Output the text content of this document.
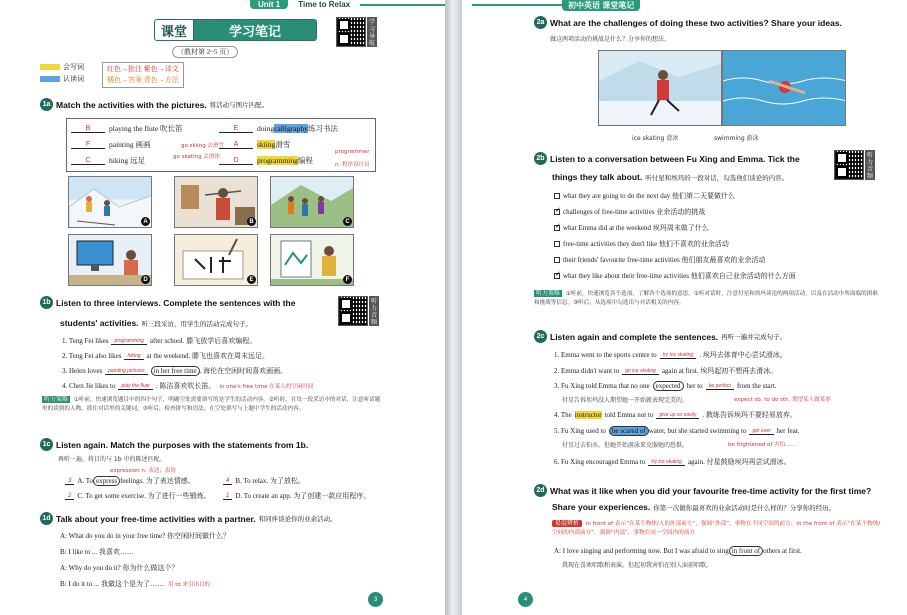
Unit 1	Time to Relax
课堂	学习笔记
（教材第 2~5 页）
学习导航
会写词
认读词
红色→批注 紫色→译文
橘色→答案 青色→方法
1a Match the activities with the pictures. 将活动与图片匹配。
B	playing the flute 吹长笛
F	painting 画画
C	hiking 远足
go skiing 去滑雪
go skating 去滑冰
E	doing calligraphy 练习书法
A	skiing 滑雪
D	programming 编程
programmer
n. 程序设计员
A	B	C
D	E	F
1b Listen to three interviews. Complete the sentences with the
students' activities. 听三段采访，用学生的活动完成句子。
听力音频
1. Teng Fei likes	programming after school. 滕飞放学后喜欢编程。
2. Teng Fei also likes	hiking at the weekend. 滕飞也喜欢在周末远足。
3. Helen loves	painting pictures	in her free time . 海伦在空闲时间喜欢画画。
4. Chen Jie likes to	play the flute . 陈洁喜欢吹长笛。 in one's free time 在某人的空闲时间
听力策略 ①听前，快速浏览题目中的四个句子，明确空处需要填写的是学生的活动内容。②听时，在每一段采访中的对话，注意听话题里的谈到的人物，抓住对话里的关键词，③听后，检查拼写和语法，在空处填写与上题中学生的活动内容。
1c Listen again. Match the purposes with the statements from 1b.
再听一遍，将目的与 1b 中的陈述匹配。
expression n. 表达；表情
3 A. To express feelings. 为了表达情感。	4 B. To relax. 为了放松。
2 C. To get some exercise. 为了进行一些锻炼。	1 D. To create an app. 为了创建一款应用程序。
1d Talk about your free-time activities with a partner. 和同伴谈论你的业余活动。
A: What do you do in your free time? 你空闲时间做什么？
B: I like to ... 我喜欢……
A: Why do you do it? 你为什么做这个？
B: I do it to ... 我做这个是为了…… 用 to 来引出目的
3
初中英语 课堂笔记
2a What are the challenges of doing these two activities? Share your ideas.
做这两项活动的挑战是什么？分享你的想法。
ice skating 滑冰	swimming 游泳
2b Listen to a conversation between Fu Xing and Emma. Tick the
things they talk about. 听付星和埃玛的一段对话，勾选他们谈论的内容。
听力音频
what they are going to do the next day 他们第二天要做什么
✓
challenges of free-time activities 业余活动的挑战
✓
what Emma did at the weekend 埃玛周末做了什么
free-time activities they don't like 他们不喜欢的业余活动
their friends' favourite free-time activities 他们朋友最喜欢的业余活动
✓
what they like about their free-time activities 他们喜欢自己业余活动的什么方面
听力策略 ①听前，快速浏览各个选项，了解各个选项的意思。②听对话时，注意付星和埃玛谈论的两项活动，以及在活动中所面临的困难和挑战等信息。③听后，从选项中勾选出与对话相关的内容。
2c Listen again and complete the sentences. 再听一遍并完成句子。
1. Emma went to the sports centre to	try ice skating . 埃玛去体育中心尝试滑冰。
2. Emma didn't want to	go ice skating again at first. 埃玛起初不想再去滑冰。
3. Fu Xing told Emma that no one expected her to	be perfect from the start.
付星告诉埃玛没人期望她一开始就表现完美的。	expect sb. to do sth. 期望某人做某事
4. The instructor told Emma not to	give up so easily . 教练告诉埃玛不要轻易放弃。
5. Fu Xing used to be scared of water, but she started swimming to	get over her fear.
付星过去怕水，但她开始游泳来克服她的恐惧。	be frightened of 害怕……
6. Fu Xing encouraged Emma to	try ice skating again. 付星鼓励埃玛再尝试滑冰。
2d What was it like when you did your favourite free-time activity for the first time?
Share your experiences. 你第一次做你最喜欢的业余活动时是什么样的？分享你的经历。
易混辨析 in front of 表示“在某个物体/人的外部前方”，强调“外部”，事物在不同空间的前方；in the front of 表示“在某个物体/空间的内部前方”，强调“内部”，事物在同一空间内的前方
A: I love singing and performing now. But I was afraid to sing in front of others at first.
我现在喜欢唱歌和表演。但起初我害怕在别人面前唱歌。
4
